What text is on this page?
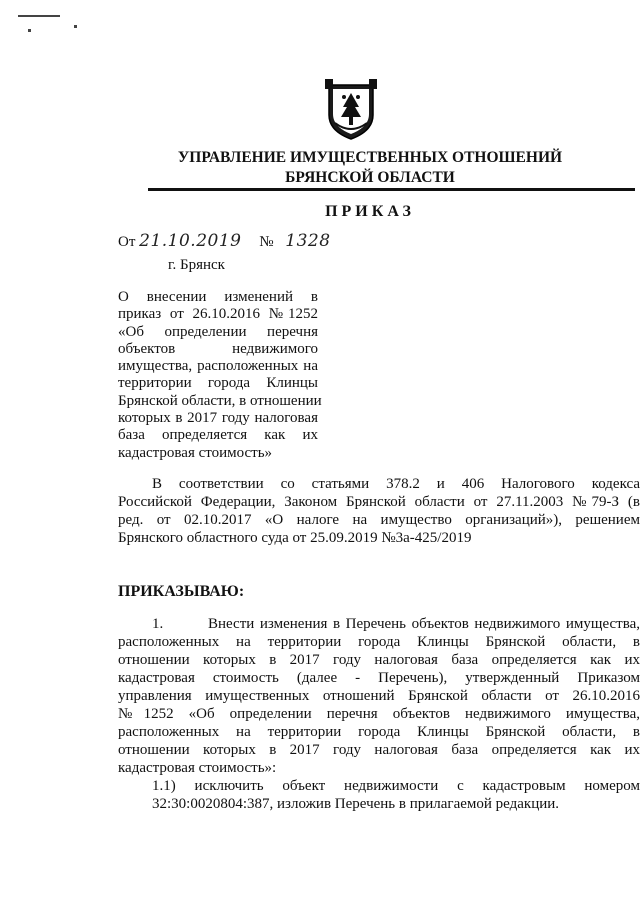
УПРАВЛЕНИЕ ИМУЩЕСТВЕННЫХ ОТНОШЕНИЙ
БРЯНСКОЙ ОБЛАСТИ
ПРИКАЗ
От 21.10.2019 № 1328
г. Брянск
О внесении изменений в
приказ от 26.10.2016 №1252
«Об определении перечня
объектов недвижимого
имущества, расположенных на
территории города Клинцы
Брянской области, в отношении
которых в 2017 году налоговая
база определяется как их
кадастровая стоимость»
В соответствии со статьями 378.2 и 406 Налогового кодекса
Российской Федерации, Законом Брянской области от 27.11.2003 №79-З (в
ред. от 02.10.2017 «О налоге на имущество организаций»), решением
Брянского областного суда от 25.09.2019 №3а-425/2019
ПРИКАЗЫВАЮ:
1.        Внести изменения в Перечень объектов недвижимого имущества,
расположенных на территории города Клинцы Брянской области, в
отношении которых в 2017 году налоговая база определяется как их
кадастровая стоимость (далее - Перечень), утвержденный Приказом
управления имущественных отношений Брянской области от 26.10.2016
№1252 «Об определении перечня объектов недвижимого имущества,
расположенных на территории города Клинцы Брянской области, в
отношении которых в 2017 году налоговая база определяется как их
кадастровая стоимость»:
1.1) исключить объект недвижимости с кадастровым номером
32:30:0020804:387, изложив Перечень в прилагаемой редакции.
